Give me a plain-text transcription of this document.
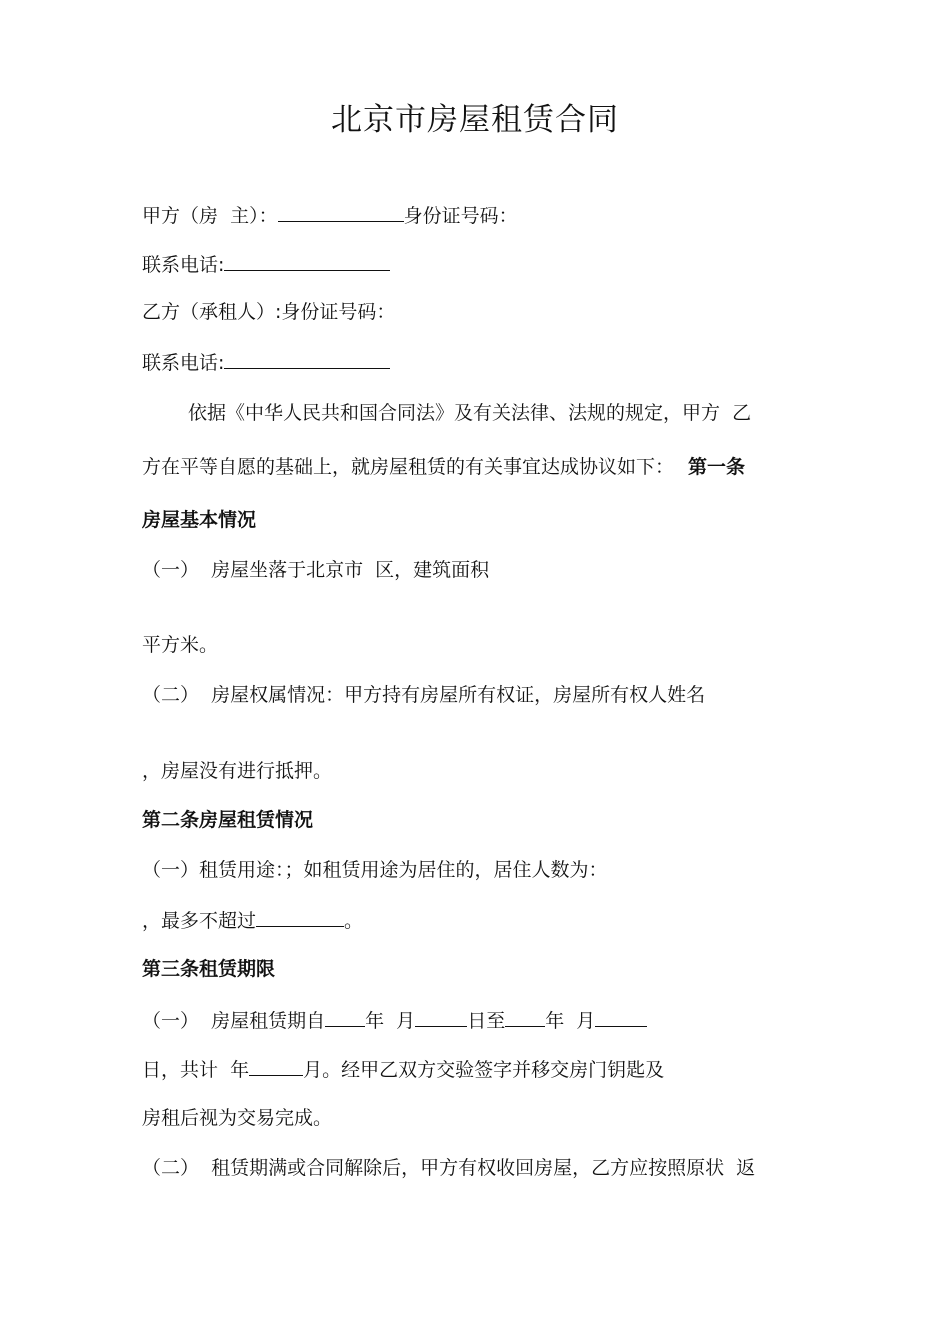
北京市房屋租赁合同
甲方（房  主）：	身份证号码：
联系电话:
乙方（承租人）:身份证号码：
联系电话:
依据《中华人民共和国合同法》及有关法律、法规的规定，甲方  乙
方在平等自愿的基础上，就房屋租赁的有关事宜达成协议如下： 第一条
房屋基本情况
（一）  房屋坐落于北京市  区，建筑面积
平方米。
（二）  房屋权属情况：甲方持有房屋所有权证，房屋所有权人姓名
，房屋没有进行抵押。
第二条房屋租赁情况
（一）租赁用途：；如租赁用途为居住的，居住人数为：
，最多不超过	。
第三条租赁期限
（一）  房屋租赁期自 年  月	日至 年  月
日，共计  年	月。经甲乙双方交验签字并移交房门钥匙及
房租后视为交易完成。
（二）  租赁期满或合同解除后，甲方有权收回房屋，乙方应按照原状  返
